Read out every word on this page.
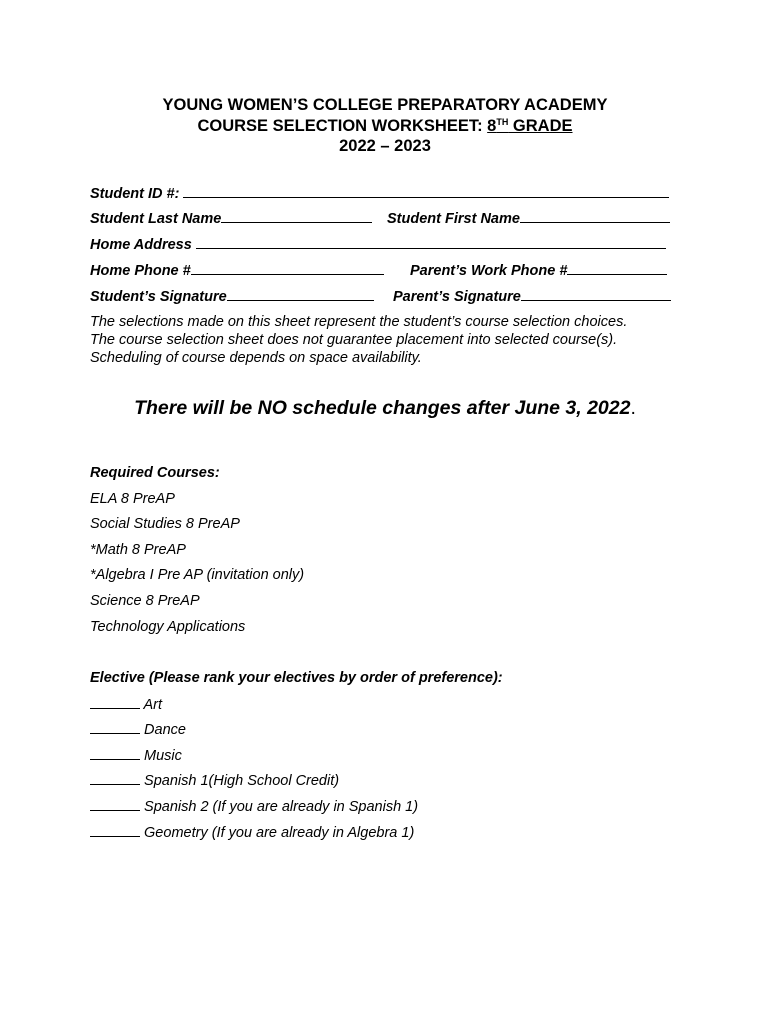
YOUNG WOMEN’S COLLEGE PREPARATORY ACADEMY
COURSE SELECTION WORKSHEET: 8TH GRADE
2022 – 2023
Student ID #:
Student Last Name	Student First Name
Home Address
Home Phone #	Parent’s Work Phone #
Student’s Signature	Parent’s Signature
The selections made on this sheet represent the student’s course selection choices.
The course selection sheet does not guarantee placement into selected course(s).
Scheduling of course depends on space availability.
There will be NO schedule changes after June 3, 2022.
Required Courses:
ELA 8 PreAP
Social Studies 8 PreAP
*Math 8 PreAP
*Algebra I Pre AP (invitation only)
Science 8 PreAP
Technology Applications
Elective (Please rank your electives by order of preference):
Art
Dance
Music
Spanish 1(High School Credit)
Spanish 2 (If you are already in Spanish 1)
Geometry (If you are already in Algebra 1)
